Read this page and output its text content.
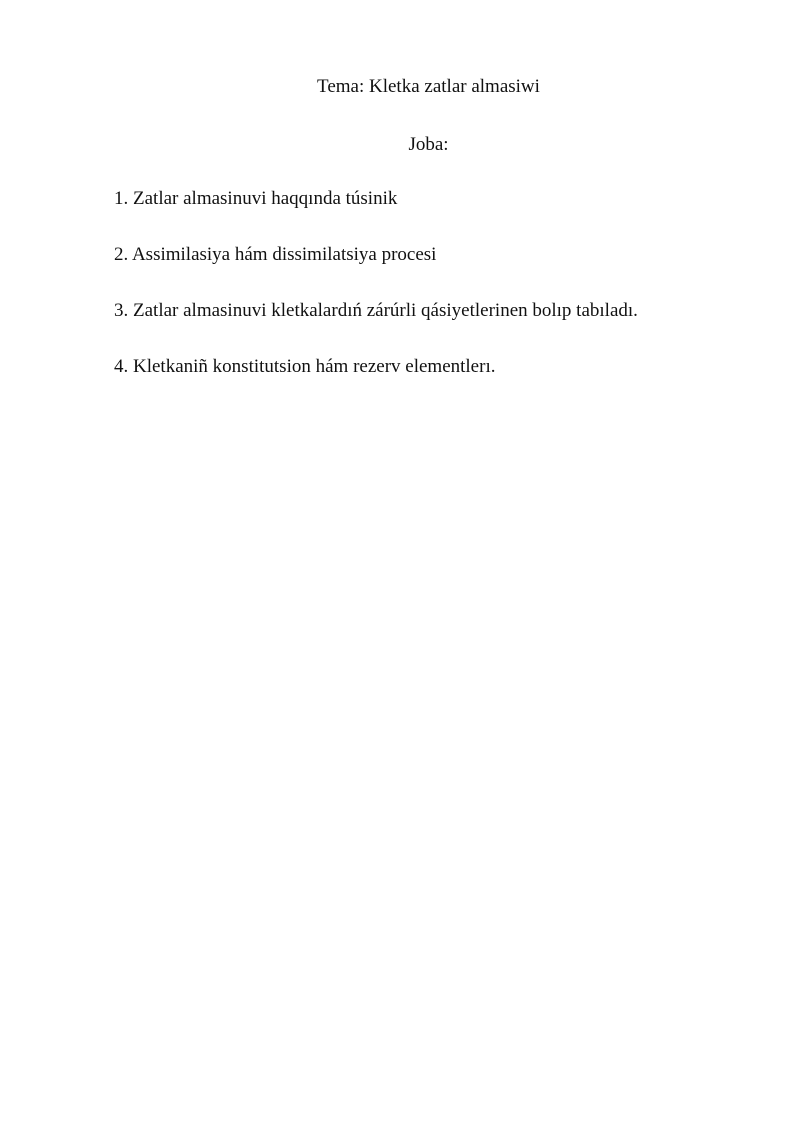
Tema: Kletka zatlar almasiwi
Joba:
1. Zatlar almasinuvi haqqında túsinik
2. Assimilasiya hám dissimilatsiya procesi
3. Zatlar almasinuvi kletkalardıń zárúrli qásiyetlerinen bolıp tabıladı.
4. Kletkaniñ konstitutsion hám rezerv elementlerı.
